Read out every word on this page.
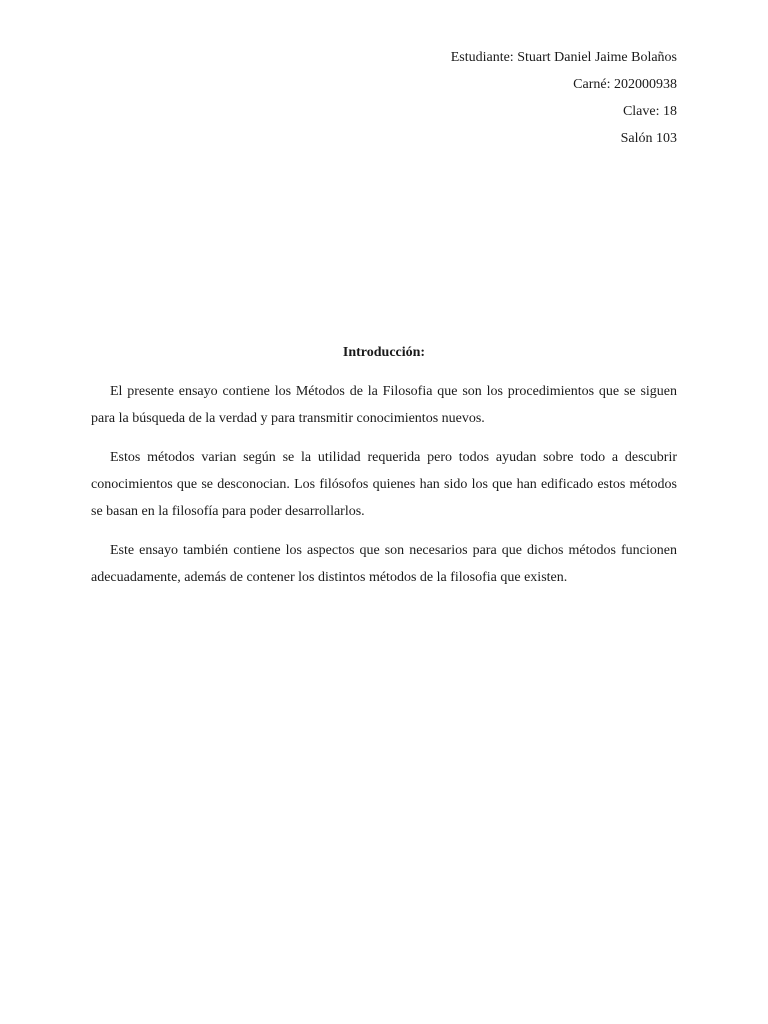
Estudiante: Stuart Daniel Jaime Bolaños
Carné: 202000938
Clave: 18
Salón 103
Introducción:

El presente ensayo contiene los Métodos de la Filosofia que son los procedimientos que se siguen para la búsqueda de la verdad y para transmitir conocimientos nuevos.

Estos métodos varian según se la utilidad requerida pero todos ayudan sobre todo a descubrir conocimientos que se desconocian. Los filósofos quienes han sido los que han edificado estos métodos se basan en la filosofía para poder desarrollarlos.

Este ensayo también contiene los aspectos que son necesarios para que dichos métodos funcionen adecuadamente, además de contener los distintos métodos de la filosofia que existen.
